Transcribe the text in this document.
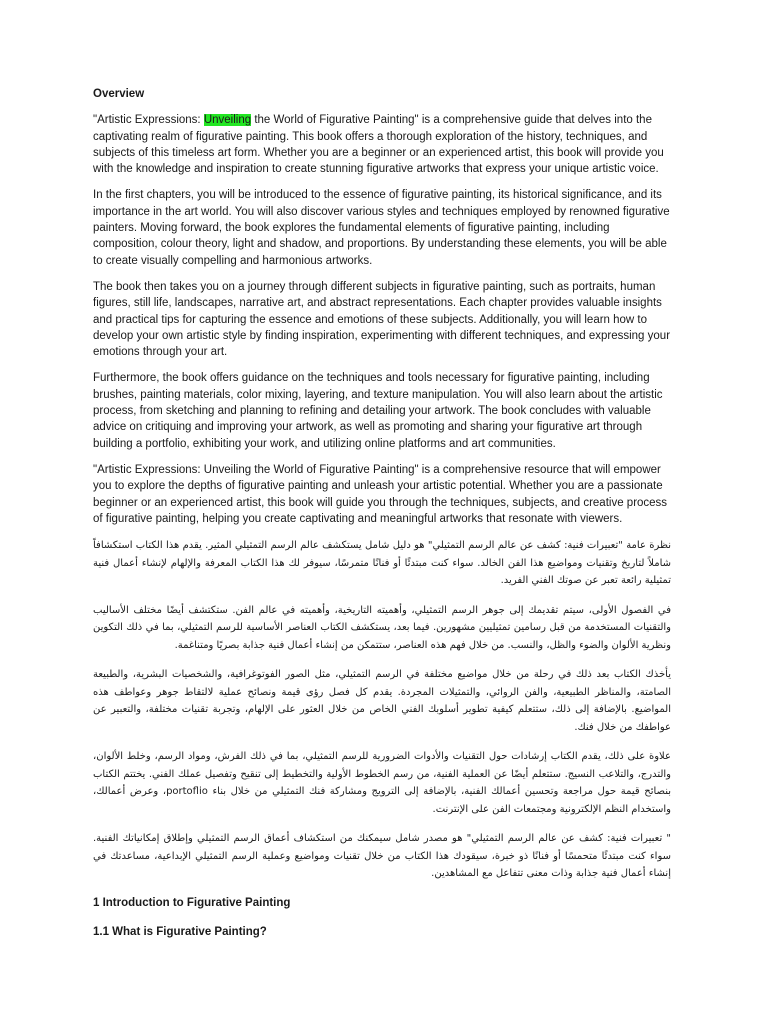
Overview

"Artistic Expressions: Unveiling the World of Figurative Painting" is a comprehensive guide that delves into the captivating realm of figurative painting. This book offers a thorough exploration of the history, techniques, and subjects of this timeless art form. Whether you are a beginner or an experienced artist, this book will provide you with the knowledge and inspiration to create stunning figurative artworks that express your unique artistic voice.

In the first chapters, you will be introduced to the essence of figurative painting, its historical significance, and its importance in the art world. You will also discover various styles and techniques employed by renowned figurative painters. Moving forward, the book explores the fundamental elements of figurative painting, including composition, colour theory, light and shadow, and proportions. By understanding these elements, you will be able to create visually compelling and harmonious artworks.

The book then takes you on a journey through different subjects in figurative painting, such as portraits, human figures, still life, landscapes, narrative art, and abstract representations. Each chapter provides valuable insights and practical tips for capturing the essence and emotions of these subjects. Additionally, you will learn how to develop your own artistic style by finding inspiration, experimenting with different techniques, and expressing your emotions through your art.

Furthermore, the book offers guidance on the techniques and tools necessary for figurative painting, including brushes, painting materials, color mixing, layering, and texture manipulation. You will also learn about the artistic process, from sketching and planning to refining and detailing your artwork. The book concludes with valuable advice on critiquing and improving your artwork, as well as promoting and sharing your figurative art through building a portfolio, exhibiting your work, and utilizing online platforms and art communities.

"Artistic Expressions: Unveiling the World of Figurative Painting" is a comprehensive resource that will empower you to explore the depths of figurative painting and unleash your artistic potential. Whether you are a passionate beginner or an experienced artist, this book will guide you through the techniques, subjects, and creative process of figurative painting, helping you create captivating and meaningful artworks that resonate with viewers.

نظرة عامة "تعبيرات فنية: كشف عن عالم الرسم التمثيلي" هو دليل شامل يستكشف عالم الرسم التمثيلي المثير. يقدم هذا الكتاب استكشافاً شاملاً لتاريخ وتقنيات ومواضيع هذا الفن الخالد. سواء كنت مبتدئًا أو فنانًا متمرسًا، سيوفر لك هذا الكتاب المعرفة والإلهام لإنشاء أعمال فنية تمثيلية رائعة تعبر عن صوتك الفني الفريد.

في الفصول الأولى، سيتم تقديمك إلى جوهر الرسم التمثيلي، وأهميته التاريخية، وأهميته في عالم الفن. ستكتشف أيضًا مختلف الأساليب والتقنيات المستخدمة من قبل رسامين تمثيليين مشهورين. فيما بعد، يستكشف الكتاب العناصر الأساسية للرسم التمثيلي، بما في ذلك التكوين ونظرية الألوان والضوء والظل، والنسب. من خلال فهم هذه العناصر، ستتمكن من إنشاء أعمال فنية جذابة بصريًا ومتناغمة.

يأخذك الكتاب بعد ذلك في رحلة من خلال مواضيع مختلفة في الرسم التمثيلي، مثل الصور الفوتوغرافية، والشخصيات البشرية، والطبيعة الصامتة، والمناظر الطبيعية، والفن الروائي، والتمثيلات المجردة. يقدم كل فصل رؤى قيمة ونصائح عملية لالتقاط جوهر وعواطف هذه المواضيع. بالإضافة إلى ذلك، ستتعلم كيفية تطوير أسلوبك الفني الخاص من خلال العثور على الإلهام، وتجربة تقنيات مختلفة، والتعبير عن عواطفك من خلال فنك.

علاوة على ذلك، يقدم الكتاب إرشادات حول التقنيات والأدوات الضرورية للرسم التمثيلي، بما في ذلك الفرش، ومواد الرسم، وخلط الألوان، والتدرج، والتلاعب النسيج. ستتعلم أيضًا عن العملية الفنية، من رسم الخطوط الأولية والتخطيط إلى تنقيح وتفصيل عملك الفني. يختتم الكتاب بنصائح قيمة حول مراجعة وتحسين أعمالك الفنية، بالإضافة إلى الترويج ومشاركة فنك التمثيلي من خلال بناء portoflio، وعرض أعمالك، واستخدام النظم الإلكترونية ومجتمعات الفن على الإنترنت.

" تعبيرات فنية: كشف عن عالم الرسم التمثيلي" هو مصدر شامل سيمكنك من استكشاف أعماق الرسم التمثيلي وإطلاق إمكانياتك الفنية. سواء كنت مبتدئًا متحمسًا أو فنانًا ذو خبرة، سيقودك هذا الكتاب من خلال تقنيات ومواضيع وعملية الرسم التمثيلي الإبداعية، مساعدتك في إنشاء أعمال فنية جذابة وذات معنى تتفاعل مع المشاهدين.

1 Introduction to Figurative Painting

1.1 What is Figurative Painting?
